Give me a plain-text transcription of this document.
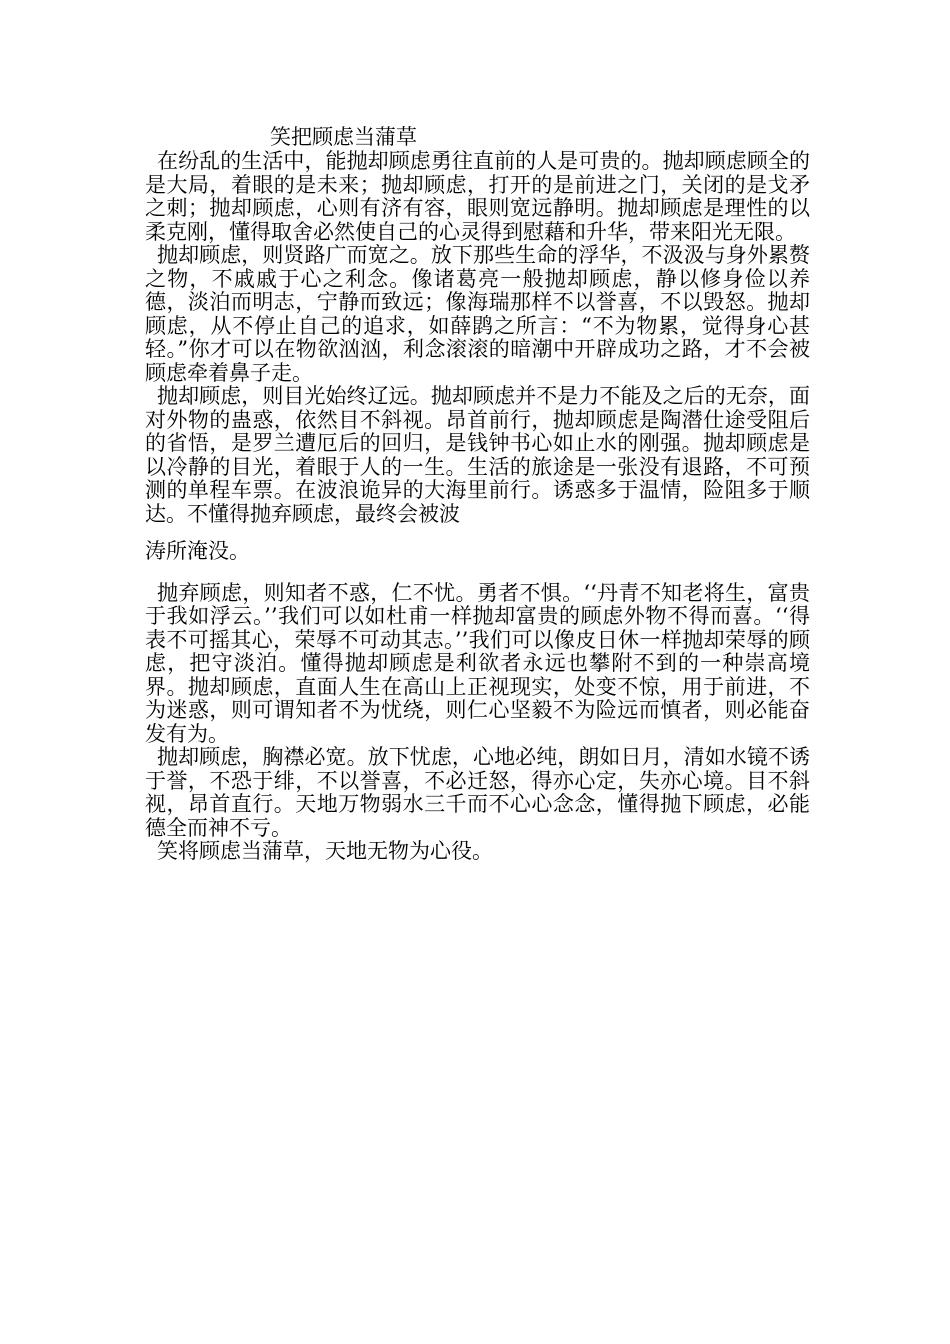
笑把顾虑当蒲草

在纷乱的生活中，能抛却顾虑勇往直前的人是可贵的。抛却顾虑顾全的是大局，着眼的是未来；抛却顾虑，打开的是前进之门，关闭的是戈矛之刺；抛却顾虑，心则有济有容，眼则宽远静明。抛却顾虑是理性的以柔克刚，懂得取舍必然使自己的心灵得到慰藉和升华，带来阳光无限。

抛却顾虑，则贤路广而宽之。放下那些生命的浮华，不汲汲与身外累赘之物，不戚戚于心之利念。像诸葛亮一般抛却顾虑，静以修身俭以养德，淡泊而明志，宁静而致远；像海瑞那样不以誉喜，不以毁怒。抛却顾虑，从不停止自己的追求，如薛鹍之所言：“不为物累，觉得身心甚轻。”你才可以在物欲汹汹，利念滚滚的暗潮中开辟成功之路，才不会被顾虑牵着鼻子走。

抛却顾虑，则目光始终辽远。抛却顾虑并不是力不能及之后的无奈，面对外物的蛊惑，依然目不斜视。昂首前行，抛却顾虑是陶潜仕途受阻后的省悟，是罗兰遭厄后的回归，是钱钟书心如止水的刚强。抛却顾虑是以冷静的目光，着眼于人的一生。生活的旅途是一张没有退路，不可预测的单程车票。在波浪诡异的大海里前行。诱惑多于温情，险阻多于顺达。不懂得抛弃顾虑，最终会被波
涛所淹没。

抛弃顾虑，则知者不惑，仁不忧。勇者不惧。‘‘丹青不知老将生，富贵于我如浮云。’’我们可以如杜甫一样抛却富贵的顾虑外物不得而喜。‘‘得表不可摇其心，荣辱不可动其志。’’我们可以像皮日休一样抛却荣辱的顾虑，把守淡泊。懂得抛却顾虑是利欲者永远也攀附不到的一种崇高境界。抛却顾虑，直面人生在高山上正视现实，处变不惊，用于前进，不为迷惑，则可谓知者不为忧绕，则仁心坚毅不为险远而慎者，则必能奋发有为。

抛却顾虑，胸襟必宽。放下忧虑，心地必纯，朗如日月，清如水镜不诱于誉，不恐于绯，不以誉喜，不必迁怒，得亦心定，失亦心境。目不斜视，昂首直行。天地万物弱水三千而不心心念念，懂得抛下顾虑，必能德全而神不亏。

笑将顾虑当蒲草，天地无物为心役。
